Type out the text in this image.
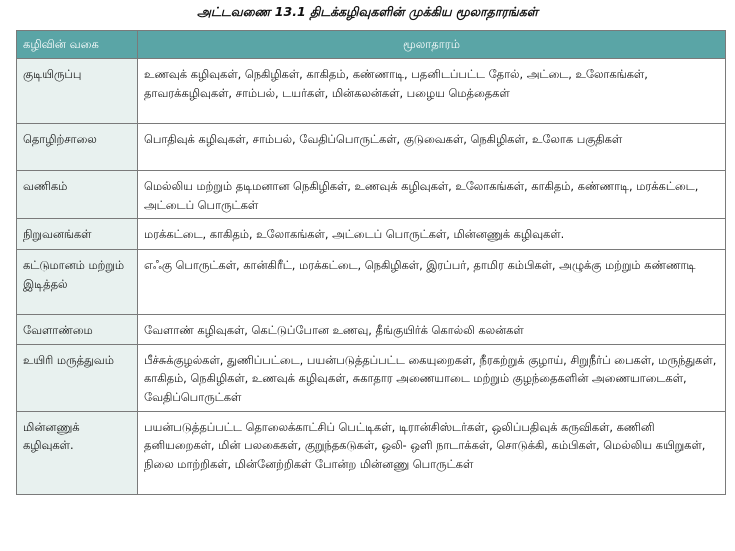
அட்டவணை 13.1 திடக்கழிவுகளின் முக்கிய மூலாதாரங்கள்
கழிவின் வகை	மூலாதாரம்
குடியிருப்பு	உணவுக் கழிவுகள், நெகிழிகள், காகிதம், கண்ணாடி, பதனிடப்பட்ட தோல், அட்டை, உலோகங்கள், தாவரக்கழிவுகள், சாம்பல், டயர்கள், மின்கலன்கள், பழைய மெத்தைகள்
தொழிற்சாலை	பொதிவுக் கழிவுகள், சாம்பல், வேதிப்பொருட்கள், குடுவைகள், நெகிழிகள், உலோக பகுதிகள்
வணிகம்	மெல்லிய மற்றும் தடிமனான நெகிழிகள், உணவுக் கழிவுகள், உலோகங்கள், காகிதம், கண்ணாடி, மரக்கட்டை, அட்டைப் பொருட்கள்
நிறுவனங்கள்	மரக்கட்டை, காகிதம், உலோகங்கள், அட்டைப் பொருட்கள், மின்னணுக் கழிவுகள்.
கட்டுமானம் மற்றும் இடித்தல்	எஃகு பொருட்கள், கான்கிரீட், மரக்கட்டை, நெகிழிகள், இரப்பர், தாமிர கம்பிகள், அழுக்கு மற்றும் கண்ணாடி
வேளாண்மை	வேளாண் கழிவுகள், கெட்டுப்போன உணவு, தீங்குயிர்க் கொல்லி கலன்கள்
உயிரி மருத்துவம்	பீச்சுக்குழல்கள், துணிப்பட்டை, பயன்படுத்தப்பட்ட கையுறைகள், நீரகற்றுக் குழாய், சிறுநீர்ப் பைகள், மருந்துகள், காகிதம், நெகிழிகள், உணவுக் கழிவுகள், சுகாதார அணையாடை மற்றும் குழந்தைகளின் அணையாடைகள், வேதிப்பொருட்கள்
மின்னணுக் கழிவுகள்.	பயன்படுத்தப்பட்ட தொலைக்காட்சிப் பெட்டிகள், டிரான்சிஸ்டர்கள், ஒலிப்பதிவுக் கருவிகள், கணினி தனியறைகள், மின் பலகைகள், குறுந்தகடுகள், ஒலி- ஒளி நாடாக்கள், சொடுக்கி, கம்பிகள், மெல்லிய கயிறுகள், நிலை மாற்றிகள், மின்னேற்றிகள் போன்ற மின்னணு பொருட்கள்
